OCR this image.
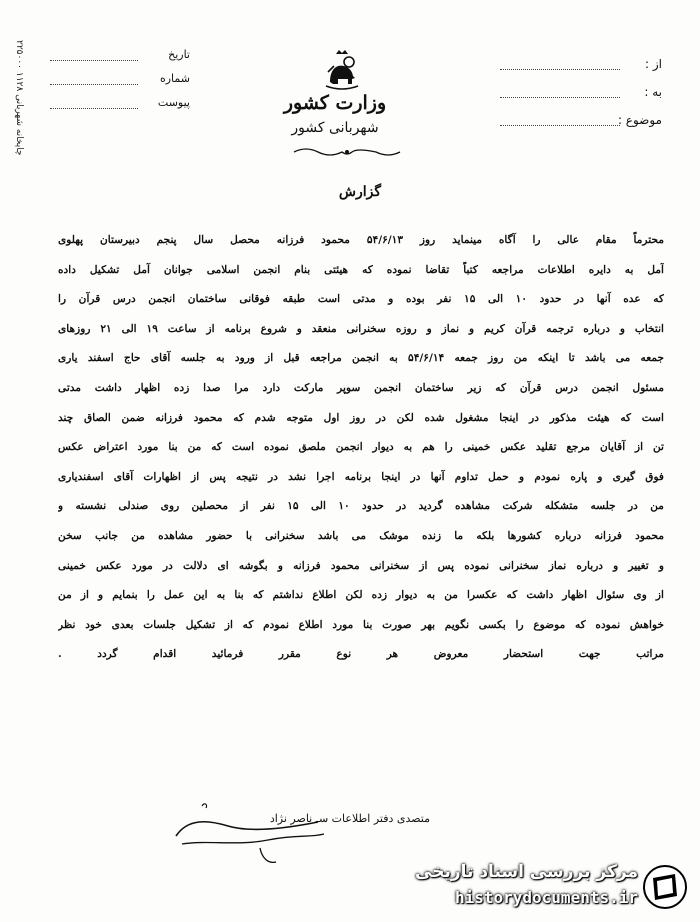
۲۲۵۰۰۰ چاپخانه شهربانی ۱۱۲۸
تاریخ
شماره
پیوست	وزارت کشور
شهربانی کشور
از :
به :
موضوع :
گزارش
محترماً مقام عالی را آگاه مینماید روز ۵۴/۶/۱۳ محمود فرزانه محصل سال پنجم دبیرستان پهلوی
آمل به دایره اطلاعات مراجعه کتباً تقاضا نموده که هیئتی بنام انجمن اسلامی جوانان آمل تشکیل داده
که عده آنها در حدود ۱۰ الی ۱۵ نفر بوده و مدتی است طبقه فوقانی ساختمان انجمن درس قرآن را
انتخاب و درباره ترجمه قرآن کریم و نماز و روزه سخنرانی منعقد و شروع برنامه از ساعت ۱۹ الی ۲۱ روزهای
جمعه می باشد تا اینکه من روز جمعه ۵۴/۶/۱۴ به انجمن مراجعه قبل از ورود به جلسه آقای حاج اسفند یاری
مسئول انجمن درس قرآن که زیر ساختمان انجمن سوپر مارکت دارد مرا صدا زده اظهار داشت مدتی
است که هیئت مذکور در اینجا مشغول شده لکن در روز اول متوجه شدم که محمود فرزانه ضمن الصاق چند
تن از آقایان مرجع تقلید عکس خمینی را هم به دیوار انجمن ملصق نموده است که من بنا مورد اعتراض عکس
فوق گیری و پاره نمودم و حمل تداوم آنها در اینجا برنامه اجرا نشد در نتیجه پس از اظهارات آقای اسفندیاری
من در جلسه متشکله شرکت مشاهده گردید در حدود ۱۰ الی ۱۵ نفر از محصلین روی صندلی نشسته و
محمود فرزانه درباره کشورها بلکه ما زنده موشک می باشد سخنرانی با حضور مشاهده من جانب سخن
و تغییر و درباره نماز سخنرانی نموده پس از سخنرانی محمود فرزانه و بگوشه ای دلالت در مورد عکس خمینی
از وی سئوال اظهار داشت که عکسرا من به دیوار زده لکن اطلاع نداشتم که بنا به این عمل را بنمایم و از من
خواهش نموده که موضوع را بکسی نگویم بهر صورت بنا مورد اطلاع نمودم که از تشکیل جلسات بعدی خود نظر
مراتب جهت استحضار معروض هر نوع مقرر فرمائید اقدام گردد .
متصدی دفتر اطلاعات سـ ناصر نژاد
مرکز بررسی اسناد تاریخی
historydocuments.ir
